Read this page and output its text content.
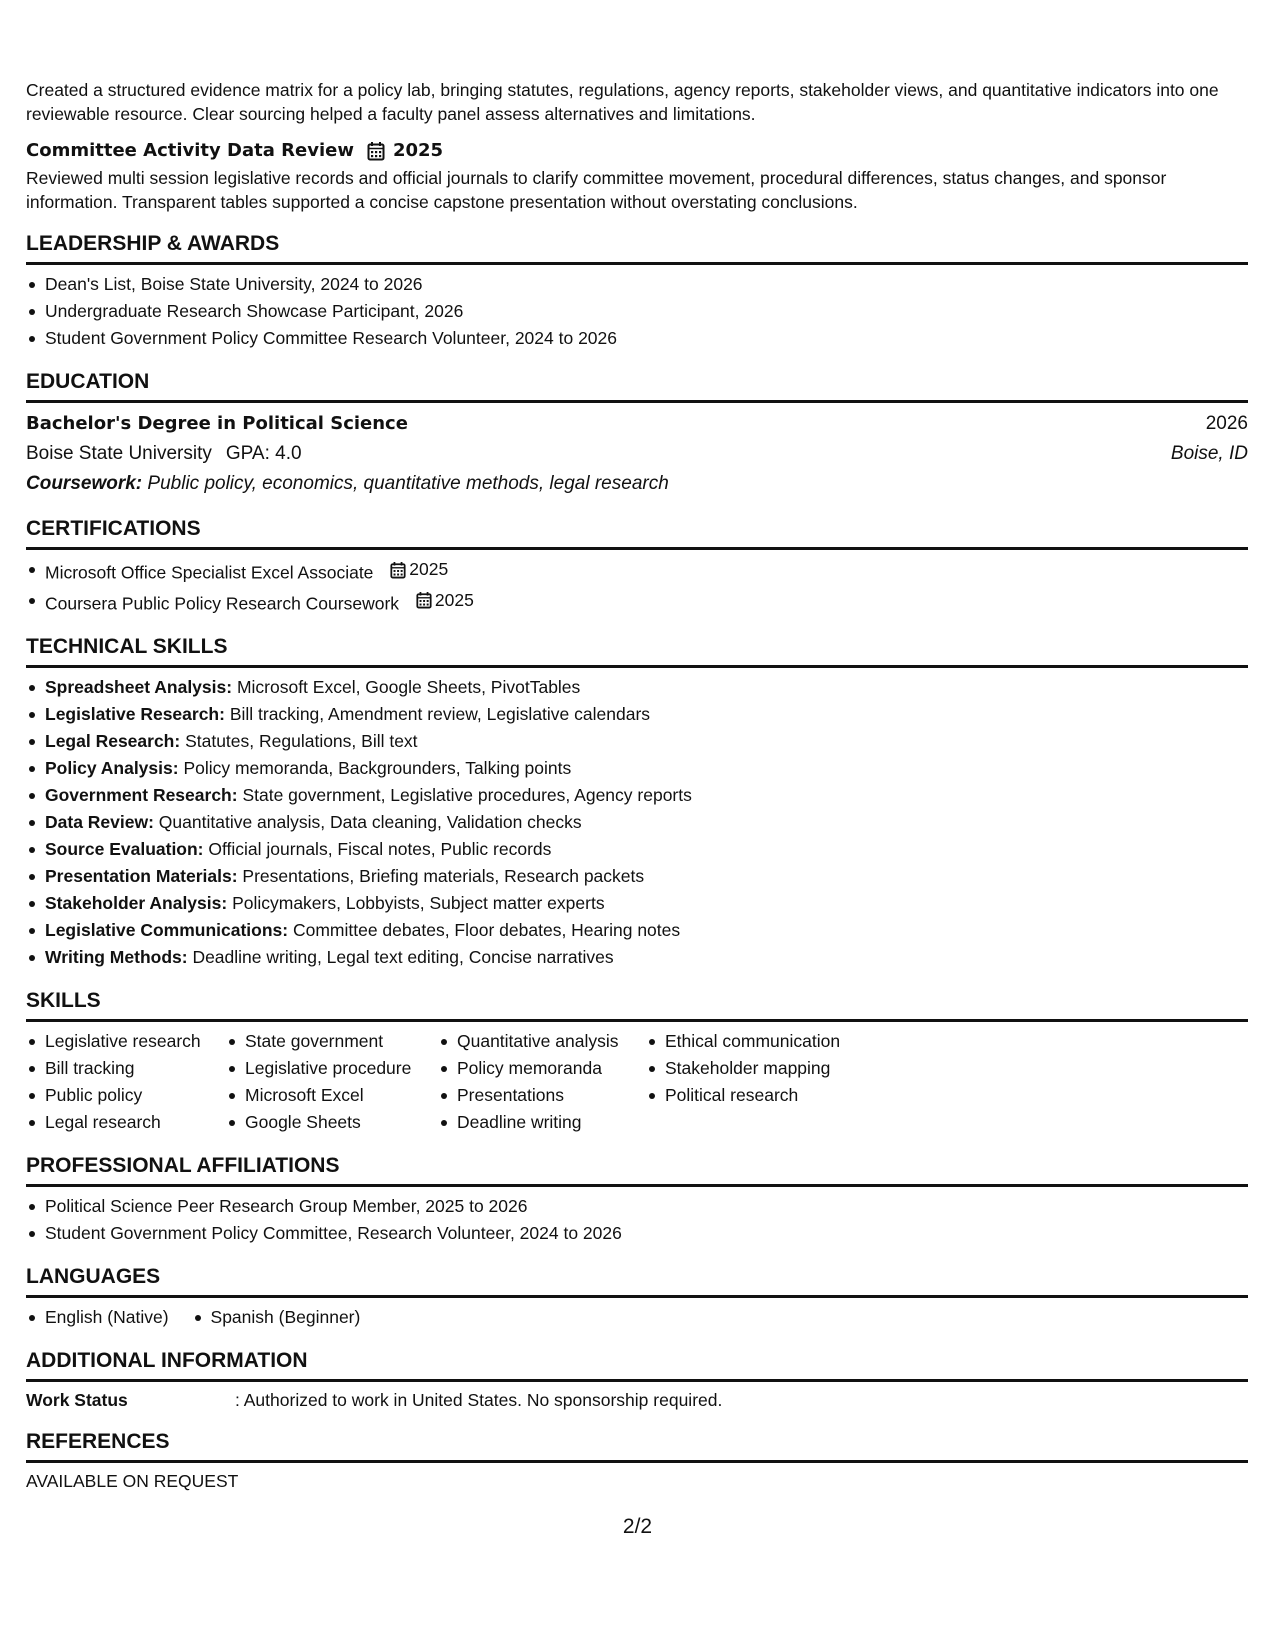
Created a structured evidence matrix for a policy lab, bringing statutes, regulations, agency reports, stakeholder views, and quantitative indicators into one reviewable resource. Clear sourcing helped a faculty panel assess alternatives and limitations.

Committee Activity Data Review 2025

Reviewed multi session legislative records and official journals to clarify committee movement, procedural differences, status changes, and sponsor information. Transparent tables supported a concise capstone presentation without overstating conclusions.

LEADERSHIP & AWARDS
Dean's List, Boise State University, 2024 to 2026
Undergraduate Research Showcase Participant, 2026
Student Government Policy Committee Research Volunteer, 2024 to 2026
EDUCATION
Bachelor's Degree in Political Science	2026
Boise State University GPA: 4.0	Boise, ID
Coursework: Public policy, economics, quantitative methods, legal research
CERTIFICATIONS
Microsoft Office Specialist Excel Associate 2025
Coursera Public Policy Research Coursework 2025
TECHNICAL SKILLS
Spreadsheet Analysis: Microsoft Excel, Google Sheets, PivotTables
Legislative Research: Bill tracking, Amendment review, Legislative calendars
Legal Research: Statutes, Regulations, Bill text
Policy Analysis: Policy memoranda, Backgrounders, Talking points
Government Research: State government, Legislative procedures, Agency reports
Data Review: Quantitative analysis, Data cleaning, Validation checks
Source Evaluation: Official journals, Fiscal notes, Public records
Presentation Materials: Presentations, Briefing materials, Research packets
Stakeholder Analysis: Policymakers, Lobbyists, Subject matter experts
Legislative Communications: Committee debates, Floor debates, Hearing notes
Writing Methods: Deadline writing, Legal text editing, Concise narratives
SKILLS
Legislative research
Bill tracking
Public policy
Legal research
State government
Legislative procedure
Microsoft Excel
Google Sheets
Quantitative analysis
Policy memoranda
Presentations
Deadline writing
Ethical communication
Stakeholder mapping
Political research
PROFESSIONAL AFFILIATIONS
Political Science Peer Research Group Member, 2025 to 2026
Student Government Policy Committee, Research Volunteer, 2024 to 2026
LANGUAGES
English (Native)	Spanish (Beginner)
ADDITIONAL INFORMATION
Work Status	: Authorized to work in United States. No sponsorship required.
REFERENCES
AVAILABLE ON REQUEST
2/2
